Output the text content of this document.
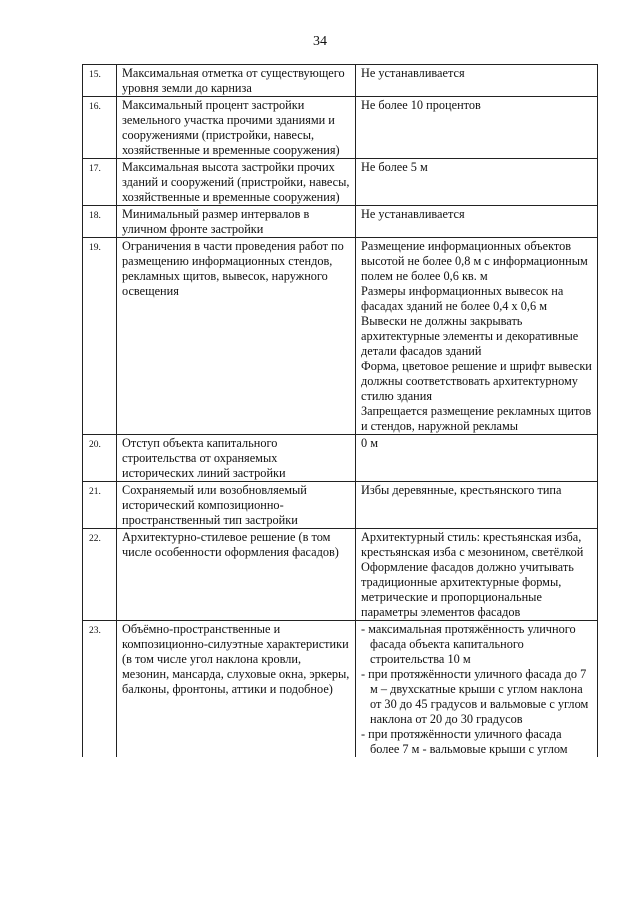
34
15.	Максимальная отметка от существующего уровня земли до карниза	Не устанавливается

16.	Максимальный процент застройки земельного участка прочими зданиями и сооружениями (пристройки, навесы, хозяйственные и временные сооружения)	Не более 10 процентов

17.	Максимальная высота застройки прочих зданий и сооружений (пристройки, навесы, хозяйственные и временные сооружения)	Не более 5 м

18.	Минимальный размер интервалов в уличном фронте застройки	Не устанавливается

19.	Ограничения в части проведения работ по размещению информационных стендов, рекламных щитов, вывесок, наружного освещения	Размещение информационных объектов высотой не более 0,8 м с информационным полем не более 0,6 кв. м
Размеры информационных вывесок на фасадах зданий не более 0,4 х 0,6 м
Вывески не должны закрывать архитектурные элементы и декоративные детали фасадов зданий
Форма, цветовое решение и шрифт вывески должны соответствовать архитектурному стилю здания
Запрещается размещение рекламных щитов и стендов, наружной рекламы

20.	Отступ объекта капитального строительства от охраняемых исторических линий застройки	0 м

21.	Сохраняемый или возобновляемый исторический композиционно-пространственный тип застройки	Избы деревянные, крестьянского типа

22.	Архитектурно-стилевое решение (в том числе особенности оформления фасадов)	Архитектурный стиль: крестьянская изба, крестьянская изба с мезонином, светёлкой
Оформление фасадов должно учитывать традиционные архитектурные формы, метрические и пропорциональные параметры элементов фасадов

23.	Объёмно-пространственные и композиционно-силуэтные характеристики (в том числе угол наклона кровли, мезонин, мансарда, слуховые окна, эркеры, балконы, фронтоны, аттики и подобное)	- максимальная протяжённость уличного фасада объекта капитального строительства 10 м
- при протяжённости уличного фасада до 7 м – двухскатные крыши с углом наклона от 30 до 45 градусов и вальмовые с углом наклона от 20 до 30 градусов
- при протяжённости уличного фасада более 7 м - вальмовые крыши с углом
